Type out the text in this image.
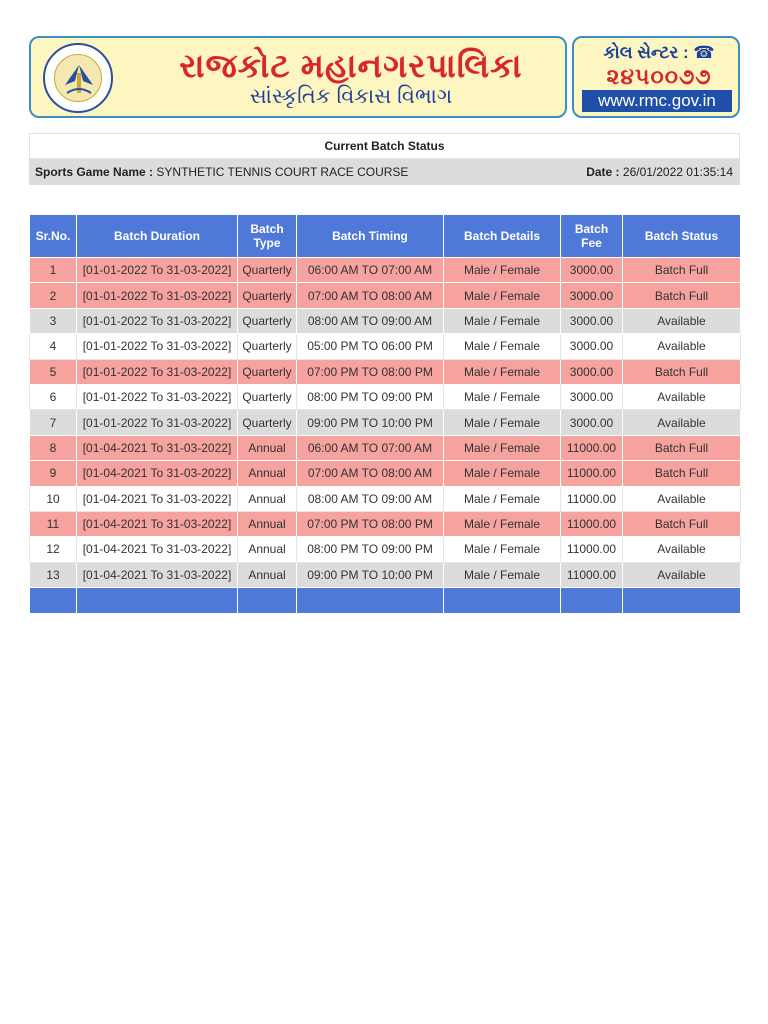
રાજકોટ મહાનગરપાલિકા
સાંસ્કૃતિક વિકાસ વિભાગ
કોલ સેન્ટર : ☎
૨૪૫૦૦૭૭
www.rmc.gov.in
Current Batch Status
Sports Game Name : SYNTHETIC TENNIS COURT RACE COURSE	Date : 26/01/2022 01:35:14
Sr.No.	Batch Duration	Batch Type	Batch Timing	Batch Details	Batch Fee	Batch Status
1	[01-01-2022 To 31-03-2022]	Quarterly	06:00 AM TO 07:00 AM	Male / Female	3000.00	Batch Full
2	[01-01-2022 To 31-03-2022]	Quarterly	07:00 AM TO 08:00 AM	Male / Female	3000.00	Batch Full
3	[01-01-2022 To 31-03-2022]	Quarterly	08:00 AM TO 09:00 AM	Male / Female	3000.00	Available
4	[01-01-2022 To 31-03-2022]	Quarterly	05:00 PM TO 06:00 PM	Male / Female	3000.00	Available
5	[01-01-2022 To 31-03-2022]	Quarterly	07:00 PM TO 08:00 PM	Male / Female	3000.00	Batch Full
6	[01-01-2022 To 31-03-2022]	Quarterly	08:00 PM TO 09:00 PM	Male / Female	3000.00	Available
7	[01-01-2022 To 31-03-2022]	Quarterly	09:00 PM TO 10:00 PM	Male / Female	3000.00	Available
8	[01-04-2021 To 31-03-2022]	Annual	06:00 AM TO 07:00 AM	Male / Female	11000.00	Batch Full
9	[01-04-2021 To 31-03-2022]	Annual	07:00 AM TO 08:00 AM	Male / Female	11000.00	Batch Full
10	[01-04-2021 To 31-03-2022]	Annual	08:00 AM TO 09:00 AM	Male / Female	11000.00	Available
11	[01-04-2021 To 31-03-2022]	Annual	07:00 PM TO 08:00 PM	Male / Female	11000.00	Batch Full
12	[01-04-2021 To 31-03-2022]	Annual	08:00 PM TO 09:00 PM	Male / Female	11000.00	Available
13	[01-04-2021 To 31-03-2022]	Annual	09:00 PM TO 10:00 PM	Male / Female	11000.00	Available
